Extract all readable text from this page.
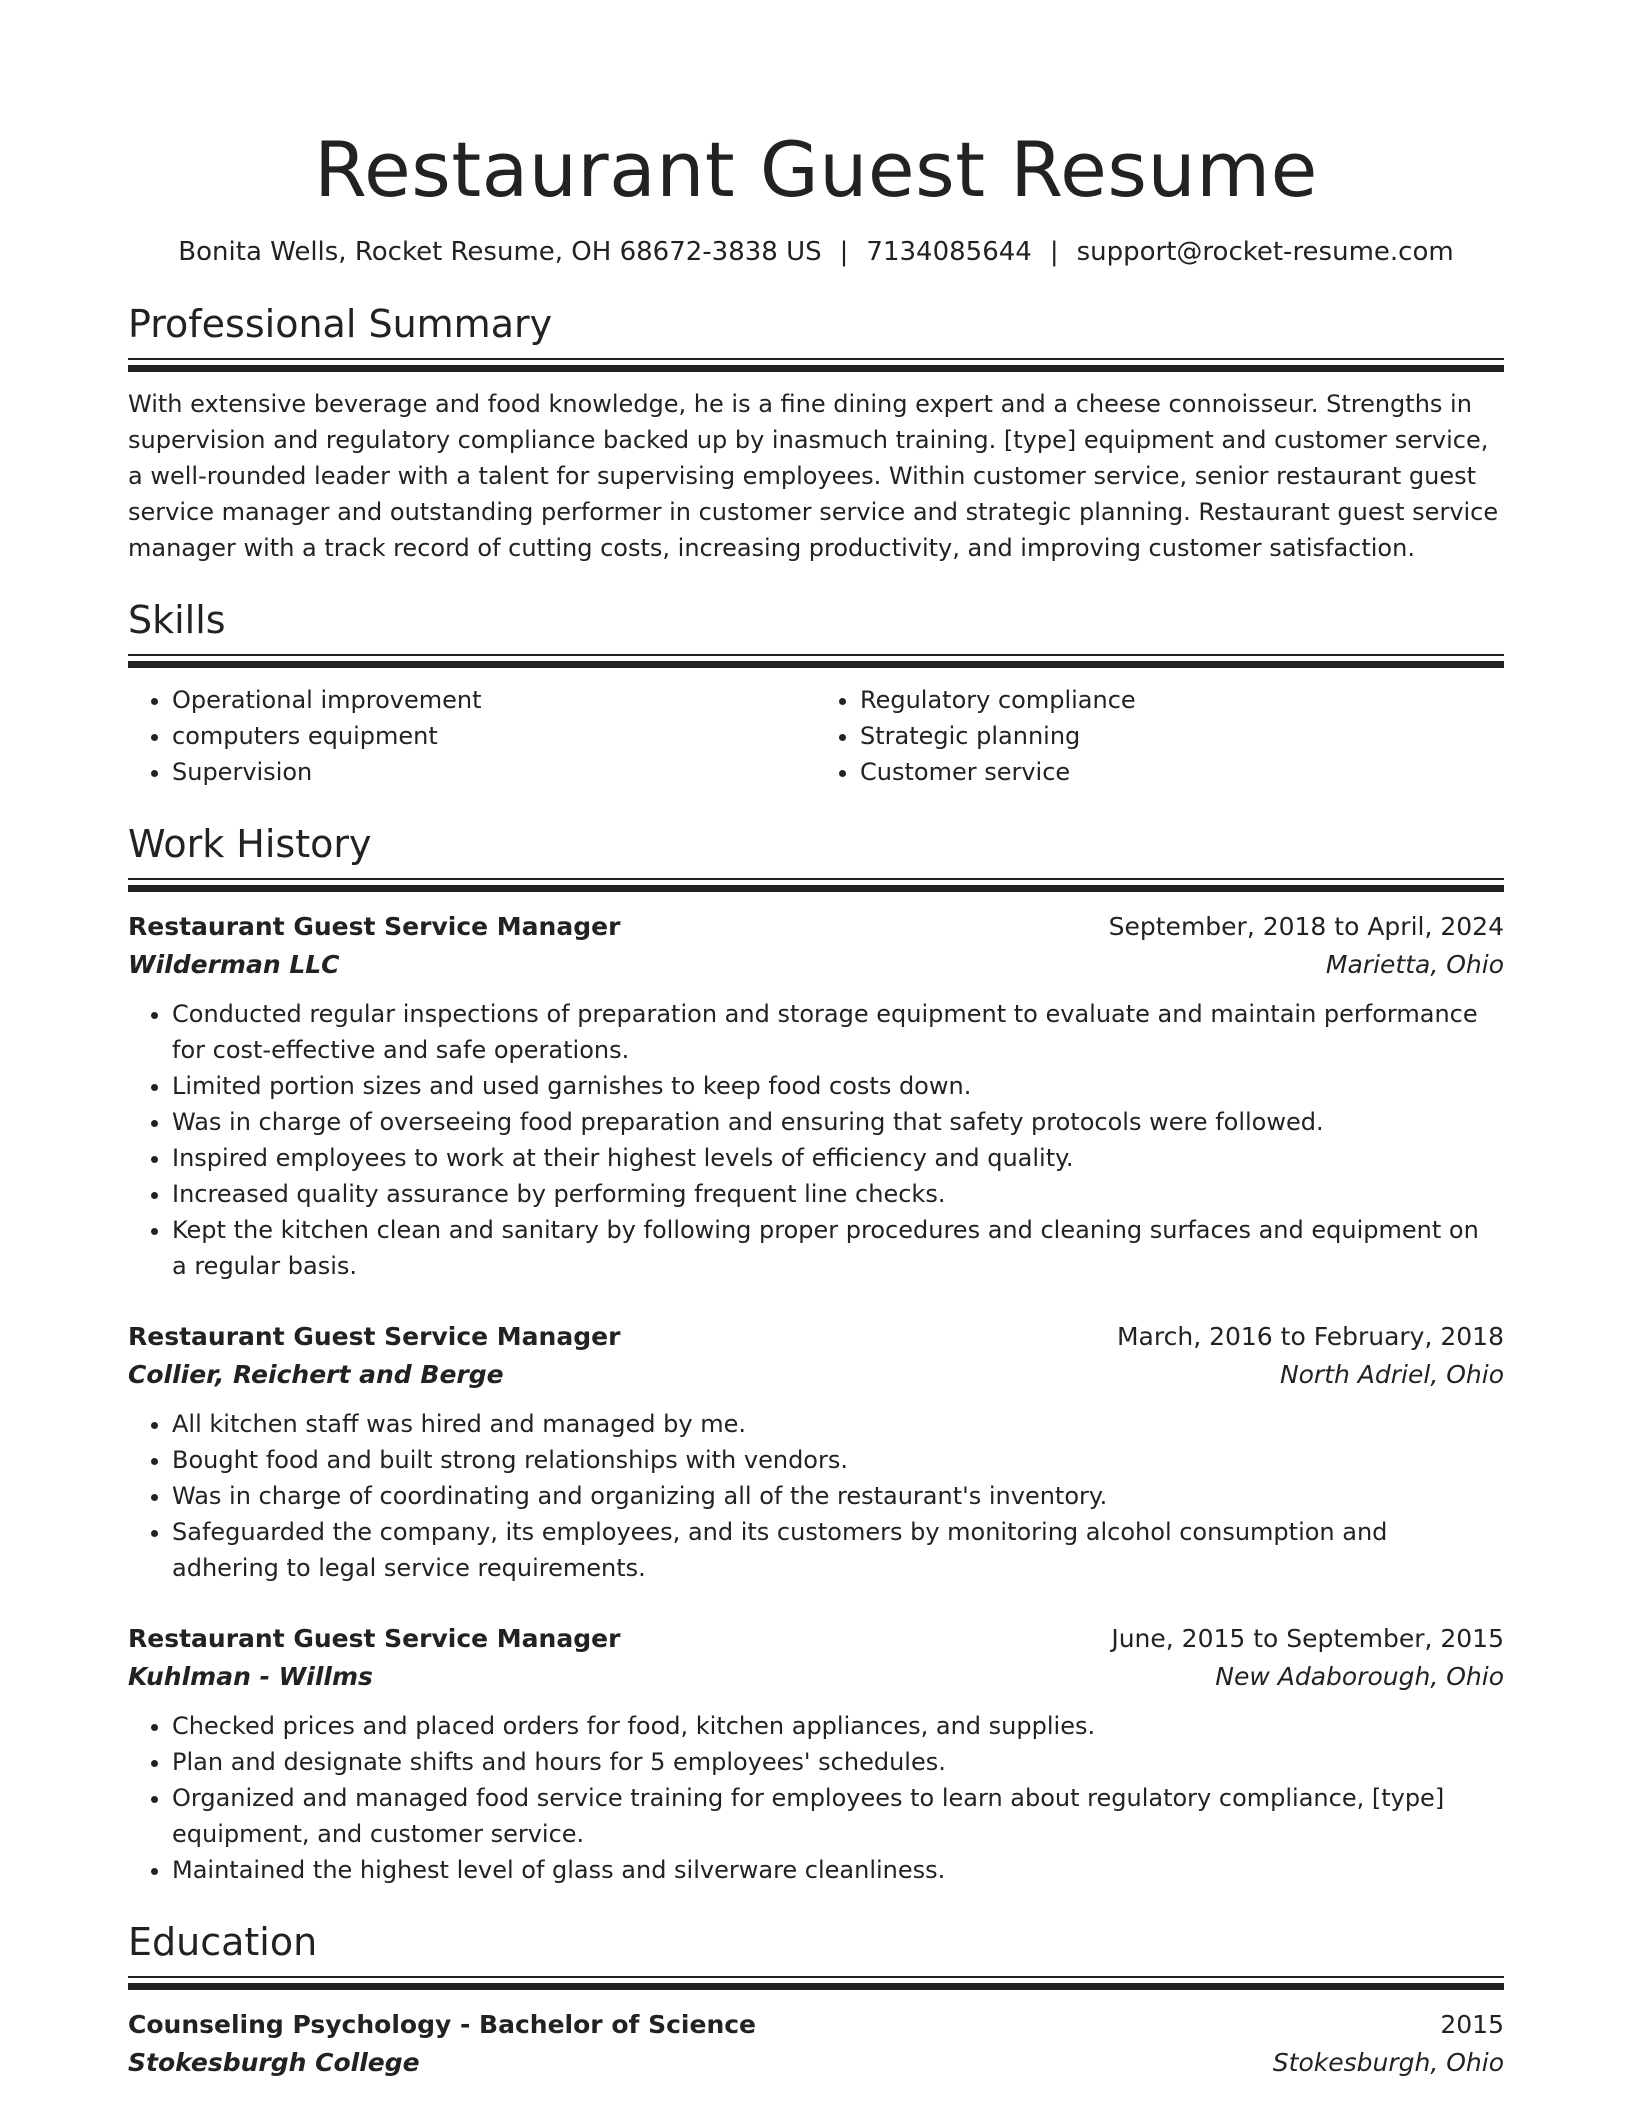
Restaurant Guest Resume
Bonita Wells, Rocket Resume, OH 68672-3838 US | 7134085644 | support@rocket-resume.com
Professional Summary
With extensive beverage and food knowledge, he is a fine dining expert and a cheese connoisseur. Strengths in supervision and regulatory compliance backed up by inasmuch training. [type] equipment and customer service, a well-rounded leader with a talent for supervising employees. Within customer service, senior restaurant guest service manager and outstanding performer in customer service and strategic planning. Restaurant guest service manager with a track record of cutting costs, increasing productivity, and improving customer satisfaction.
Skills
• Operational improvement
• computers equipment
• Supervision
• Regulatory compliance
• Strategic planning
• Customer service
Work History
Restaurant Guest Service Manager	September, 2018 to April, 2024
Wilderman LLC	Marietta, Ohio
• Conducted regular inspections of preparation and storage equipment to evaluate and maintain performance for cost-effective and safe operations.
• Limited portion sizes and used garnishes to keep food costs down.
• Was in charge of overseeing food preparation and ensuring that safety protocols were followed.
• Inspired employees to work at their highest levels of efficiency and quality.
• Increased quality assurance by performing frequent line checks.
• Kept the kitchen clean and sanitary by following proper procedures and cleaning surfaces and equipment on a regular basis.
Restaurant Guest Service Manager	March, 2016 to February, 2018
Collier, Reichert and Berge	North Adriel, Ohio
• All kitchen staff was hired and managed by me.
• Bought food and built strong relationships with vendors.
• Was in charge of coordinating and organizing all of the restaurant's inventory.
• Safeguarded the company, its employees, and its customers by monitoring alcohol consumption and adhering to legal service requirements.
Restaurant Guest Service Manager	June, 2015 to September, 2015
Kuhlman - Willms	New Adaborough, Ohio
• Checked prices and placed orders for food, kitchen appliances, and supplies.
• Plan and designate shifts and hours for 5 employees' schedules.
• Organized and managed food service training for employees to learn about regulatory compliance, [type] equipment, and customer service.
• Maintained the highest level of glass and silverware cleanliness.
Education
Counseling Psychology - Bachelor of Science	2015
Stokesburgh College	Stokesburgh, Ohio
